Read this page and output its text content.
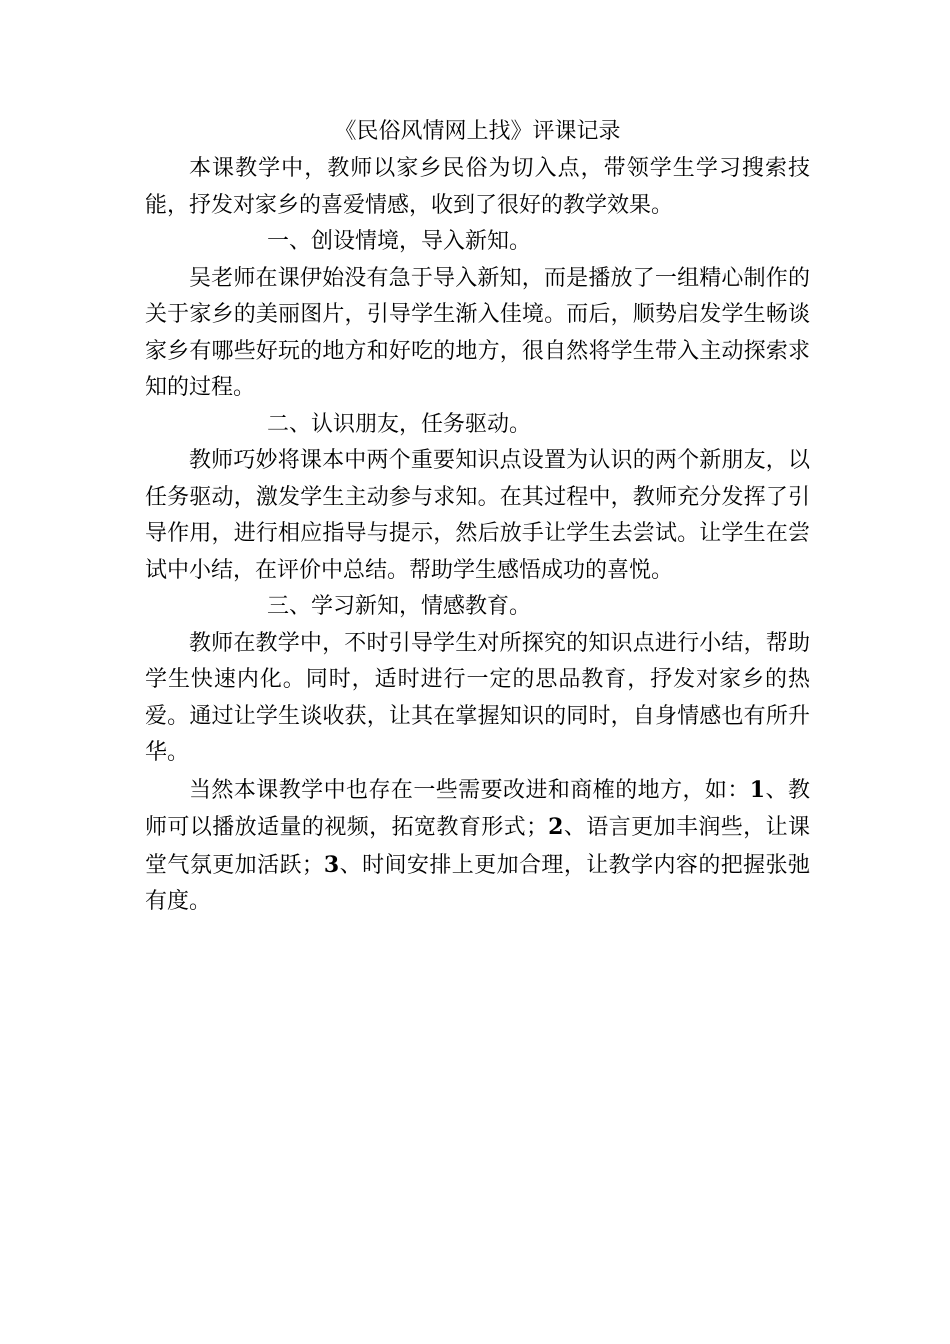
《民俗风情网上找》评课记录

本课教学中，教师以家乡民俗为切入点，带领学生学习搜索技能，抒发对家乡的喜爱情感，收到了很好的教学效果。

一、创设情境，导入新知。

吴老师在课伊始没有急于导入新知，而是播放了一组精心制作的关于家乡的美丽图片，引导学生渐入佳境。而后，顺势启发学生畅谈家乡有哪些好玩的地方和好吃的地方，很自然将学生带入主动探索求知的过程。

二、认识朋友，任务驱动。

教师巧妙将课本中两个重要知识点设置为认识的两个新朋友，以任务驱动，激发学生主动参与求知。在其过程中，教师充分发挥了引导作用，进行相应指导与提示，然后放手让学生去尝试。让学生在尝试中小结，在评价中总结。帮助学生感悟成功的喜悦。

三、学习新知，情感教育。

教师在教学中，不时引导学生对所探究的知识点进行小结，帮助学生快速内化。同时，适时进行一定的思品教育，抒发对家乡的热爱。通过让学生谈收获，让其在掌握知识的同时，自身情感也有所升华。

当然本课教学中也存在一些需要改进和商榷的地方，如：1、教师可以播放适量的视频，拓宽教育形式；2、语言更加丰润些，让课堂气氛更加活跃；3、时间安排上更加合理，让教学内容的把握张弛有度。
